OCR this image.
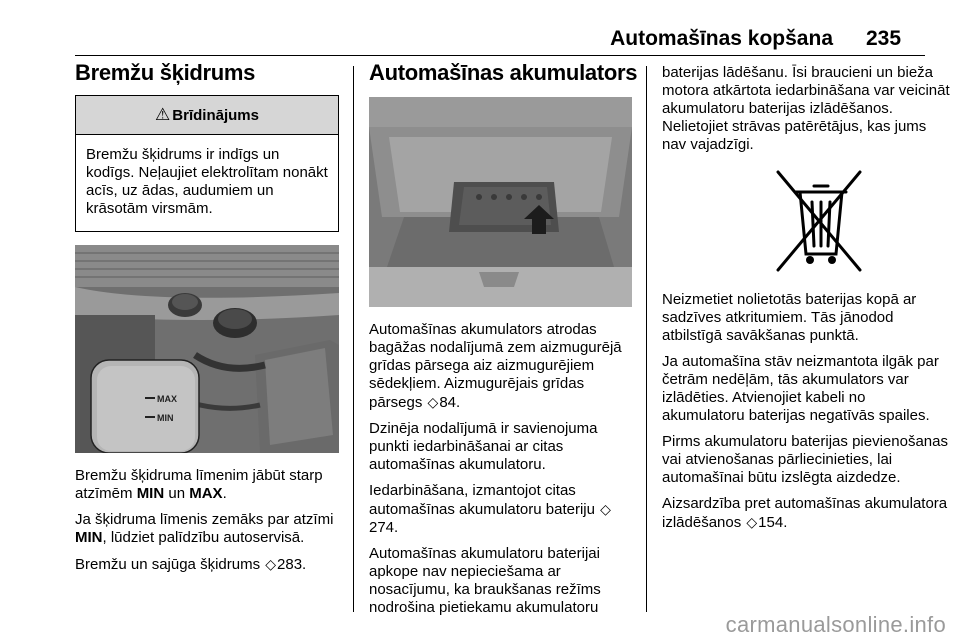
Automašīnas kopšana 235
Bremžu šķidrums
⚠ Brīdinājums
Bremžu šķidrums ir indīgs un kodīgs. Neļaujiet elektrolītam nonākt acīs, uz ādas, audumiem un krāsotām virsmām.
MAX
MIN

Bremžu šķidruma līmenim jābūt starp atzīmēm MIN un MAX.

Ja šķidruma līmenis zemāks par atzīmi MIN, lūdziet palīdzību autoservisā.

Bremžu un sajūga šķidrums ◇283.

Automašīnas akumulators

Automašīnas akumulators atrodas bagāžas nodalījumā zem aizmugurējā grīdas pārsega aiz aizmugurējiem sēdekļiem. Aizmugurējais grīdas pārsegs ◇84.

Dzinēja nodalījumā ir savienojuma punkti iedarbināšanai ar citas automašīnas akumulatoru.

Iedarbināšana, izmantojot citas automašīnas akumulatoru bateriju ◇274.

Automašīnas akumulatoru baterijai apkope nav nepieciešama ar nosacījumu, ka braukšanas režīms nodrošina pietiekamu akumulatoru

baterijas lādēšanu. Īsi braucieni un bieža motora atkārtota iedarbināšana var veicināt akumulatoru baterijas izlādēšanos. Nelietojiet strāvas patērētājus, kas jums nav vajadzīgi.

Neizmetiet nolietotās baterijas kopā ar sadzīves atkritumiem. Tās jānodod atbilstīgā savākšanas punktā.

Ja automašīna stāv neizmantota ilgāk par četrām nedēļām, tās akumulators var izlādēties. Atvienojiet kabeli no akumulatoru baterijas negatīvās spailes.

Pirms akumulatoru baterijas pievienošanas vai atvienošanas pārliecinieties, lai automašīnai būtu izslēgta aizdedze.

Aizsardzība pret automašīnas akumulatora izlādēšanos ◇154.

carmanualsonline.info
